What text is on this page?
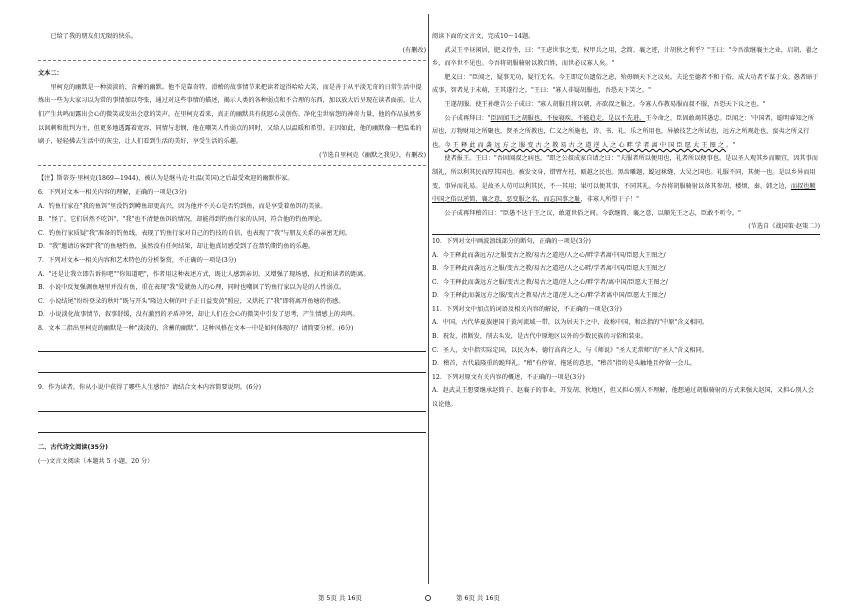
已给了我的朋友们无限的快乐。

(有删改)

文本二：

里柯克的幽默是一种淡淡的、含蓄的幽默。他不是靠奇特、滑稽的故事情节来把读者逗得哈哈大笑，而是善于从平淡无奇的日常生活中提炼出一些为大家习以为常的事情加以夸张，通过对这些事情的描述，揭示人类的各种弱点和不合理的东西，加以放大后呈现在读者面前，让人们产生共鸣而露出会心的微笑或发出会意的笑声。在里柯克看来，真正的幽默具有抚慰心灵创伤、净化尘世宿怨的神奇力量，他的作品虽然多以讽刺和批判为主，但更多地透露着宽容、同情与悲悯，他在嘲笑人性弱点的同时，又给人以温暖和希望。正因如此，他的幽默像一把温柔的刷子，轻轻拂去生活中的灰尘，让人们看到生活的美好，享受生活的乐趣。

(节选自里柯克《幽默之我见》，有删改)

【注】斯蒂芬·里柯克(1869—1944)，被认为是继马克·吐温(美国)之后最受欢迎的幽默作家。

6．下列对文本一相关内容的理解，正确的一项是(3分)

A．钓鱼行家在"我的鱼饵"里没钓到鳟鱼却更高兴，因为他并不关心是否钓到鱼，而是享受着鱼饵的美景。

B．"怪了，它们居然不吃饵"，"我"也不清楚鱼饵的情况，却能得到钓鱼行家的认同，符合他的钓鱼理论。

C．钓鱼行家质疑"我"准备的钓鱼线，表现了钓鱼行家对自己的钓技的自信，也表现了"我"与朋友关系的亲密无间。

D．"我"邀请访客到"我"的鱼塘钓鱼，虽然没有任何结果，却让他真切感受到了在禁钓期钓鱼的乐趣。

7．下列对文本一相关内容和艺术特色的分析鉴赏，不正确的一项是(3分)

A．"还是让我立即告诉你吧""你知道吧"，作者用这种表述方式，既让人感到亲切，又增强了现场感，拉近和读者的距离。

B．小说中反复强调鱼塘里并没有鱼，重在表现"我"爱就鱼人的心理，同时也嘲讽了钓鱼行家以为是的人性弱点。

C．小说结尾"纷纷登录的秋叶"既与开头"隆边大树的叶子正日益变黄"照应，又烘托了"我"即将离开鱼塘的伤感。

D．小说淡化故事情节，叙事舒缓，没有激烈的矛盾冲突，却让人们在会心的微笑中引发了思考，产生情感上的共鸣。

8．文本二指出里柯克的幽默是一种"淡淡的、含蓄的幽默"，这种风格在文本一中是如何体现的？请简要分析。(6分)

9．作为读者，你从小说中获得了哪些人生感悟？请结合文本内容简要说明。(6分)

二、古代诗文阅读(35分)

(一)文言文阅读（本题共 5 小题，20 分）

阅读下面的文言文，完成10～14题。

武灵王平昼闲居，肥义侍坐，曰："王虑世事之变，权甲兵之用，念简、襄之迹，计胡狄之利乎？"王曰："今吾欲继襄主之业，启胡、翟之乡，而卒世不见也。今吾将胡服骑射以教百姓，而世必议寡人矣。"

肥义曰："臣闻之，疑事无功，疑行无名。今王即定负遗俗之虑，殆毋顾天下之议矣。夫论至德者不和于俗，成大功者不谋于众。愚者暗于成事，智者见于未萌，王其遂行之。"王曰："寡人非疑胡服也，吾恐天下笑之。"

王遂胡服。使王孙绁告公子成曰："寡人胡服且将以朝，亦欲叔之服之。今寡人作教易服而叔不服，吾恐天下议之也。"

公子成再拜曰："臣固闻王之胡服也，不佞寝疾，不能趋走，是以不先进。王今命之，臣固敢竭其愚忠。臣闻之：'中国者，聪明睿知之所居也，万物财用之所聚也，贤圣之所教也，仁义之所施也，诗、书、礼、乐之所用也，异敏技艺之所试也，远方之所观赴也，蛮夷之所义行也。今王释此而袭远方之服变古之教易古之道逆人之心畔学者离中国臣愿大王图之。"

使者报王。王曰："吾固闻叔之病也。"即之公叔成家自请之曰："夫服者所以便用也，礼者所以便事也。是以圣人观其乡而顺宜，因其事而制礼，所以利其民而厚其国也。被发文身，错臂左衽，瓯越之民也。黑齿雕题，鯷冠秫缝，大吴之国也。礼服不同，其便一也。是以乡异而用变，事异而礼易。是故圣人苟可以利其民，不一其用；果可以便其事，不同其礼。今吾将胡服骑射以备其参胡、楼烦、秦、韩之边，而叔也顺中国之俗以逆简、襄之意，恶变服之名，而忘国事之耻，非寡人所望于子！"

公子成再拜稽首曰："臣愚不达于王之议，敢道世俗之间。今欲继简、襄之意，以顺先王之志，臣敢不听令。"

(节选自《战国策·赵策二》)

10．下列对文中画波浪线部分的断句，正确的一项是(3分)

A．今王释此而袭远方/之服变古之教/易古之道逆/人之心/畔学者离中国/臣愿大王图之/

B．今王释此而袭远方之服/变古之教/易古之道逆/人之心畔/学者离中国/臣愿大王图之/

C．今王释此而袭远方之服/变古之教/易古之道/逆人之心/畔学者/离中国/臣愿大王图之/

D．今王释此而袭远方之服/变古之教易/古之道/逆人之心/畔学者离中国/臣愿大王图之/

11．下列对文中加点的词语及相关内容的解说，不正确的一项是(3分)

A．中国，古代华夏族建国于黄河流域一带，以为居天下之中，故称中国，和泛指的"中原"含义相同。

B．祝发，指断发，削去头发，是古代中原地区以外的少数民族的习俗和装束。

C．圣人，文中指实际定国，以民为本，德行高尚之人，与《师说》"圣人无常师"的"圣人"含义相同。

D．稽首，古代最隆重的跪拜礼。"稽"有停留、拖延的意思，"稽首"指的是头触地且停留一会儿。

12．下列对原文有关内容的概述，不正确的一项是(3分)

A．赵武灵王想要继承赵简子、赵襄子的事业，开发胡、狄地区，但又担心别人不理解，他想通过胡服骑射的方式来强大赵国，又担心别人会议论他。

第 5页 共 16页	第 6页 共 16页
